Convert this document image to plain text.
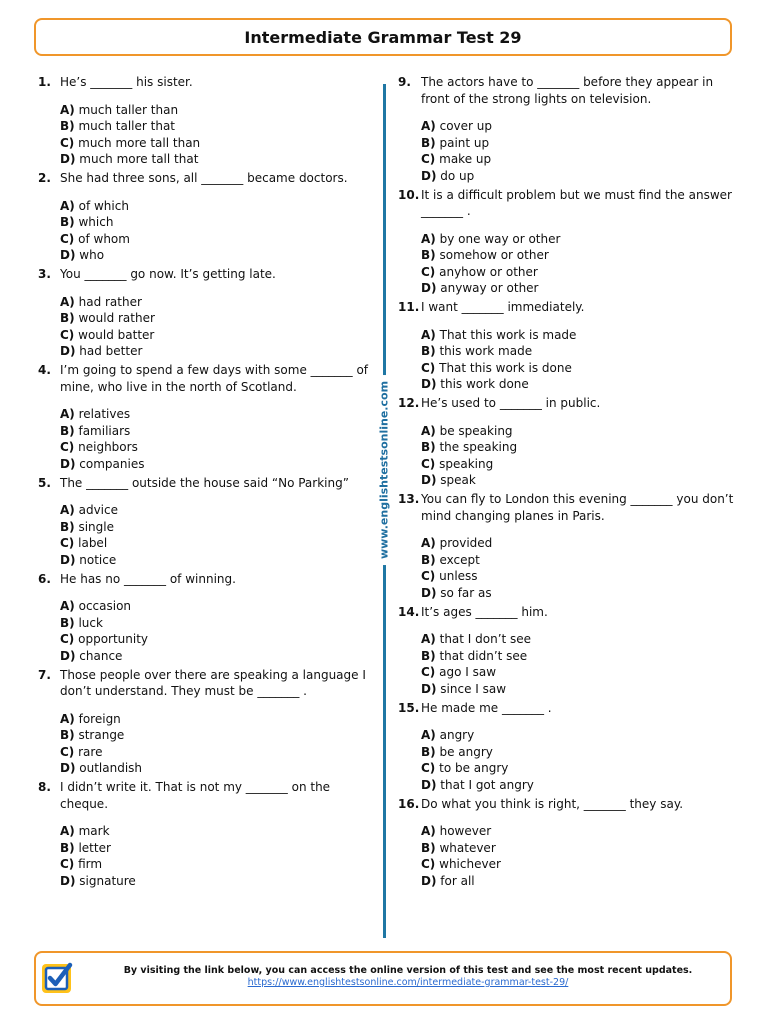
Intermediate Grammar Test 29
1. He’s _______ his sister.
A) much taller than
B) much taller that
C) much more tall than
D) much more tall that
2. She had three sons, all _______ became doctors.
A) of which
B) which
C) of whom
D) who
3. You _______ go now. It’s getting late.
A) had rather
B) would rather
C) would batter
D) had better
4. I’m going to spend a few days with some _______ of mine, who live in the north of Scotland.
A) relatives
B) familiars
C) neighbors
D) companies
5. The _______ outside the house said “No Parking”
A) advice
B) single
C) label
D) notice
6. He has no _______ of winning.
A) occasion
B) luck
C) opportunity
D) chance
7. Those people over there are speaking a language I don’t understand. They must be _______ .
A) foreign
B) strange
C) rare
D) outlandish
8. I didn’t write it. That is not my _______ on the cheque.
A) mark
B) letter
C) firm
D) signature
www.englishtestsonline.com
9. The actors have to _______ before they appear in front of the strong lights on television.
A) cover up
B) paint up
C) make up
D) do up
10. It is a difficult problem but we must find the answer _______ .
A) by one way or other
B) somehow or other
C) anyhow or other
D) anyway or other
11. I want _______ immediately.
A) That this work is made
B) this work made
C) That this work is done
D) this work done
12. He’s used to _______ in public.
A) be speaking
B) the speaking
C) speaking
D) speak
13. You can fly to London this evening _______ you don’t mind changing planes in Paris.
A) provided
B) except
C) unless
D) so far as
14. It’s ages _______ him.
A) that I don’t see
B) that didn’t see
C) ago I saw
D) since I saw
15. He made me _______ .
A) angry
B) be angry
C) to be angry
D) that I got angry
16. Do what you think is right, _______ they say.
A) however
B) whatever
C) whichever
D) for all
By visiting the link below, you can access the online version of this test and see the most recent updates.
https://www.englishtestsonline.com/intermediate-grammar-test-29/
